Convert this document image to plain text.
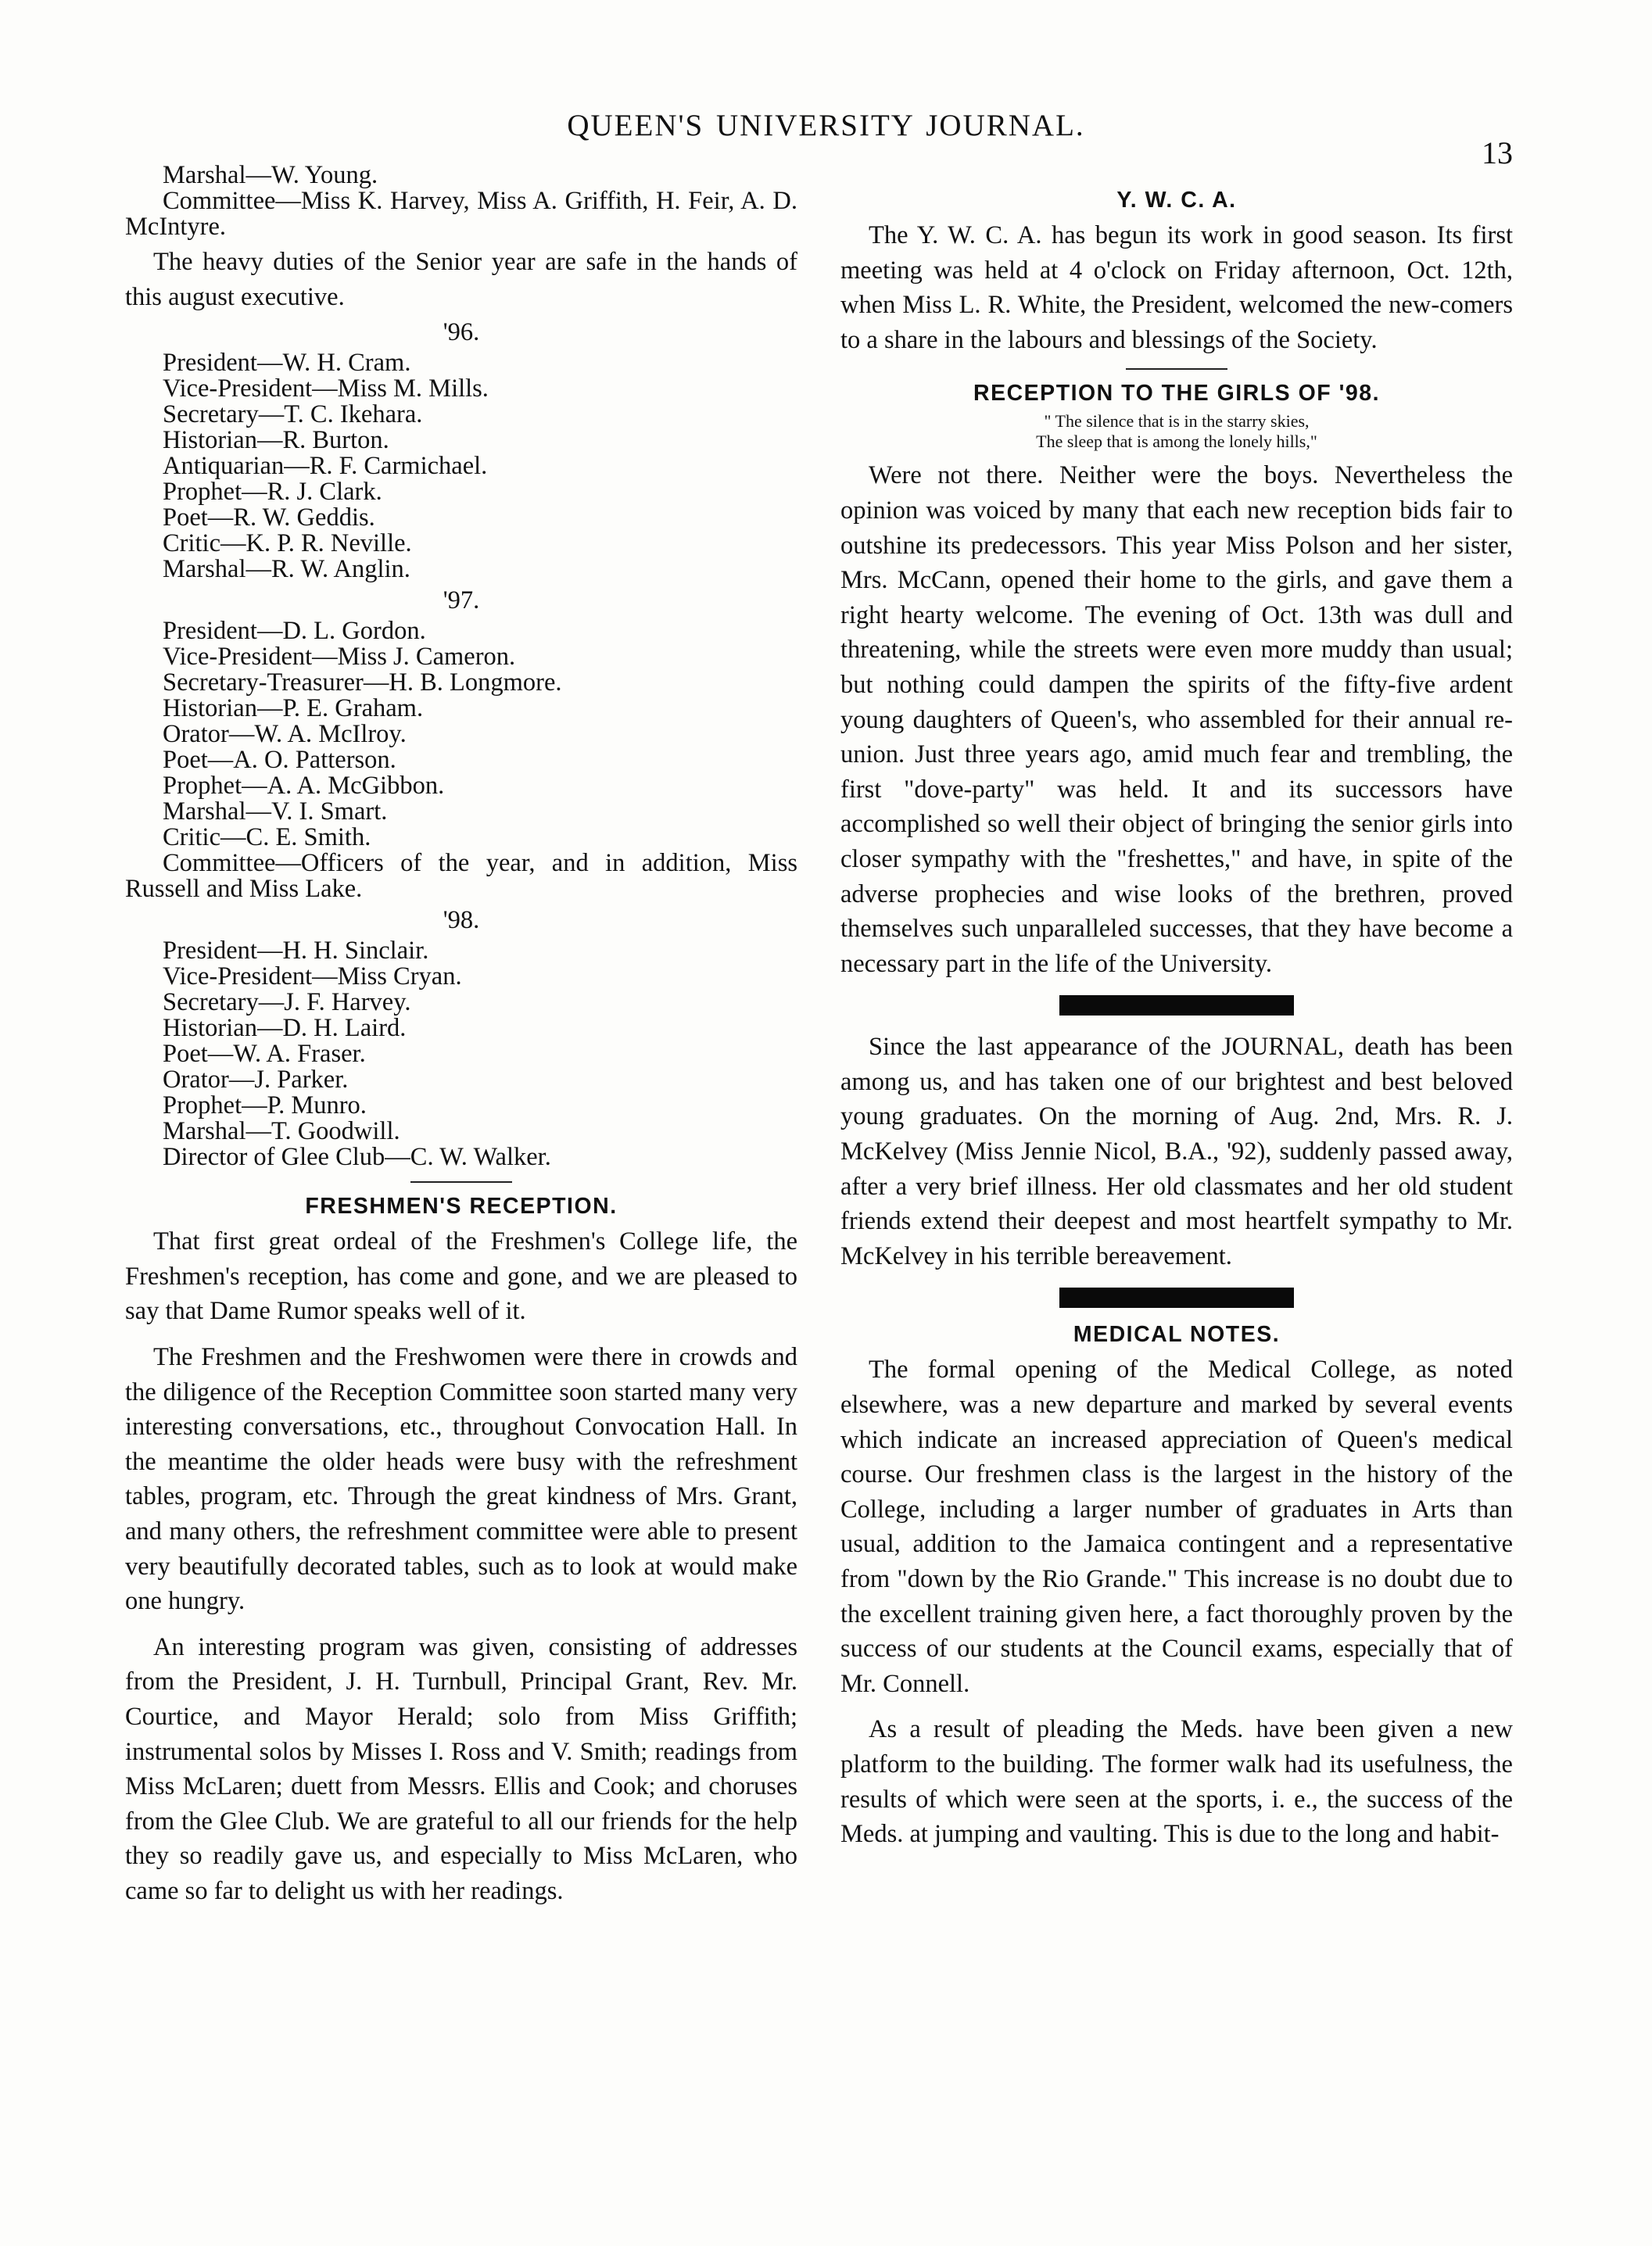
QUEEN'S UNIVERSITY JOURNAL.
13
Marshal—W. Young.
Committee—Miss K. Harvey, Miss A. Griffith, H. Feir, A. D. McIntyre.

The heavy duties of the Senior year are safe in the hands of this august executive.

'96.

President—W. H. Cram.
Vice-President—Miss M. Mills.
Secretary—T. C. Ikehara.
Historian—R. Burton.
Antiquarian—R. F. Carmichael.
Prophet—R. J. Clark.
Poet—R. W. Geddis.
Critic—K. P. R. Neville.
Marshal—R. W. Anglin.

'97.

President—D. L. Gordon.
Vice-President—Miss J. Cameron.
Secretary-Treasurer—H. B. Longmore.
Historian—P. E. Graham.
Orator—W. A. McIlroy.
Poet—A. O. Patterson.
Prophet—A. A. McGibbon.
Marshal—V. I. Smart.
Critic—C. E. Smith.
Committee—Officers of the year, and in addition, Miss Russell and Miss Lake.

'98.

President—H. H. Sinclair.
Vice-President—Miss Cryan.
Secretary—J. F. Harvey.
Historian—D. H. Laird.
Poet—W. A. Fraser.
Orator—J. Parker.
Prophet—P. Munro.
Marshal—T. Goodwill.
Director of Glee Club—C. W. Walker.
FRESHMEN'S RECEPTION.

That first great ordeal of the Freshmen's College life, the Freshmen's reception, has come and gone, and we are pleased to say that Dame Rumor speaks well of it.

The Freshmen and the Freshwomen were there in crowds and the diligence of the Reception Committee soon started many very interesting conversations, etc., throughout Convocation Hall. In the meantime the older heads were busy with the refreshment tables, program, etc. Through the great kindness of Mrs. Grant, and many others, the refreshment committee were able to present very beautifully decorated tables, such as to look at would make one hungry.

An interesting program was given, consisting of addresses from the President, J. H. Turnbull, Principal Grant, Rev. Mr. Courtice, and Mayor Herald; solo from Miss Griffith; instrumental solos by Misses I. Ross and V. Smith; readings from Miss McLaren; duett from Messrs. Ellis and Cook; and choruses from the Glee Club. We are grateful to all our friends for the help they so readily gave us, and especially to Miss McLaren, who came so far to delight us with her readings.

Y. W. C. A.

The Y. W. C. A. has begun its work in good season. Its first meeting was held at 4 o'clock on Friday afternoon, Oct. 12th, when Miss L. R. White, the President, welcomed the new-comers to a share in the labours and blessings of the Society.

RECEPTION TO THE GIRLS OF '98.
" The silence that is in the starry skies,
The sleep that is among the lonely hills,"

Were not there. Neither were the boys. Nevertheless the opinion was voiced by many that each new reception bids fair to outshine its predecessors. This year Miss Polson and her sister, Mrs. McCann, opened their home to the girls, and gave them a right hearty welcome. The evening of Oct. 13th was dull and threatening, while the streets were even more muddy than usual; but nothing could dampen the spirits of the fifty-five ardent young daughters of Queen's, who assembled for their annual re-union. Just three years ago, amid much fear and trembling, the first "dove-party" was held. It and its successors have accomplished so well their object of bringing the senior girls into closer sympathy with the "freshettes," and have, in spite of the adverse prophecies and wise looks of the brethren, proved themselves such unparalleled successes, that they have become a necessary part in the life of the University.

Since the last appearance of the JOURNAL, death has been among us, and has taken one of our brightest and best beloved young graduates. On the morning of Aug. 2nd, Mrs. R. J. McKelvey (Miss Jennie Nicol, B.A., '92), suddenly passed away, after a very brief illness. Her old classmates and her old student friends extend their deepest and most heartfelt sympathy to Mr. McKelvey in his terrible bereavement.

MEDICAL NOTES.

The formal opening of the Medical College, as noted elsewhere, was a new departure and marked by several events which indicate an increased appreciation of Queen's medical course. Our freshmen class is the largest in the history of the College, including a larger number of graduates in Arts than usual, addition to the Jamaica contingent and a representative from "down by the Rio Grande." This increase is no doubt due to the excellent training given here, a fact thoroughly proven by the success of our students at the Council exams, especially that of Mr. Connell.

As a result of pleading the Meds. have been given a new platform to the building. The former walk had its usefulness, the results of which were seen at the sports, i. e., the success of the Meds. at jumping and vaulting. This is due to the long and habit-
